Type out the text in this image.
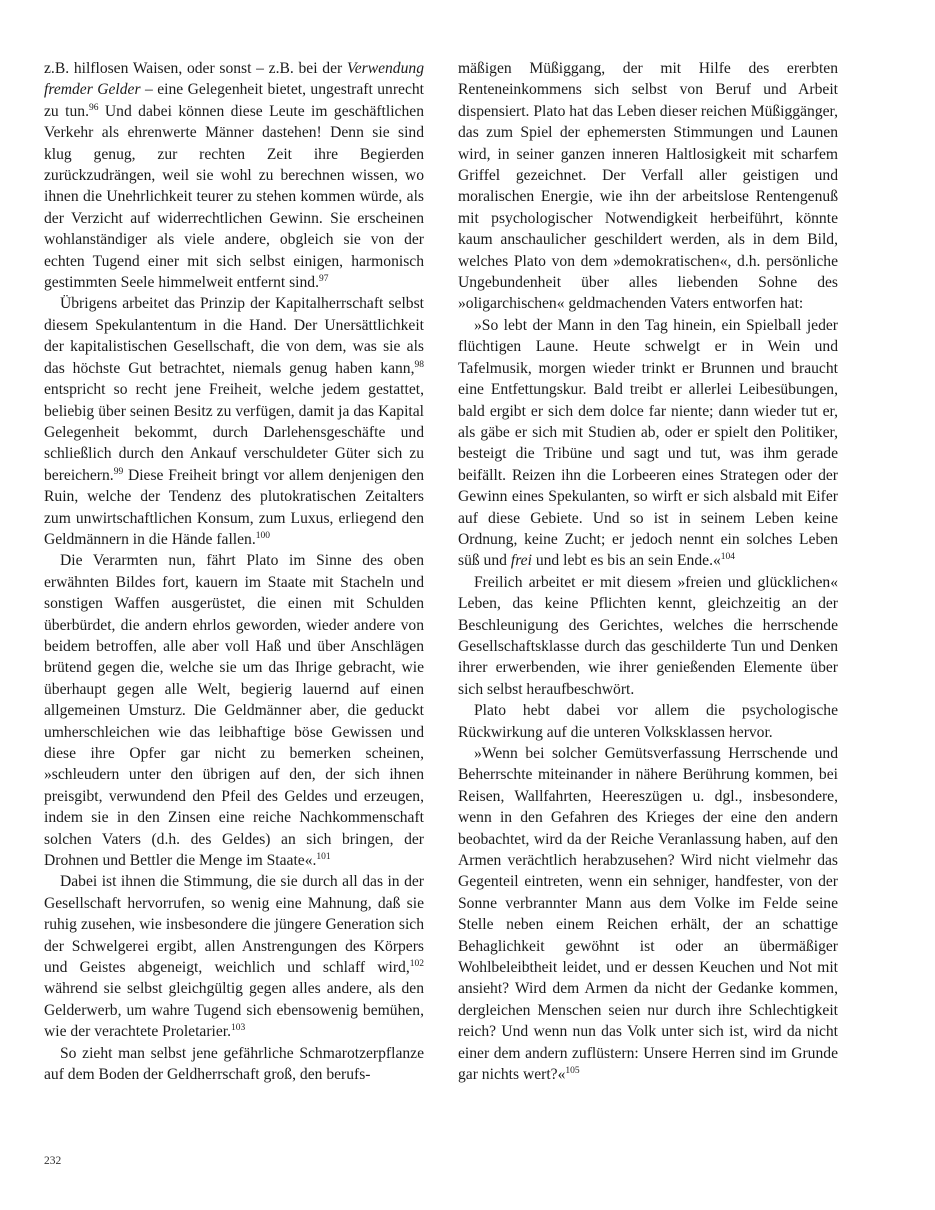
z.B. hilflosen Waisen, oder sonst – z.B. bei der Verwendung fremder Gelder – eine Gelegenheit bietet, ungestraft unrecht zu tun.$^{96}$ Und dabei können diese Leute im geschäftlichen Verkehr als ehrenwerte Männer dastehen! Denn sie sind klug genug, zur rechten Zeit ihre Begierden zurückzudrängen, weil sie wohl zu berechnen wissen, wo ihnen die Unehrlichkeit teurer zu stehen kommen würde, als der Verzicht auf widerrechtlichen Gewinn. Sie erscheinen wohlanständiger als viele andere, obgleich sie von der echten Tugend einer mit sich selbst einigen, harmonisch gestimmten Seele himmelweit entfernt sind.$^{97}$

Übrigens arbeitet das Prinzip der Kapitalherrschaft selbst diesem Spekulantentum in die Hand. Der Unersättlichkeit der kapitalistischen Gesellschaft, die von dem, was sie als das höchste Gut betrachtet, niemals genug haben kann,$^{98}$ entspricht so recht jene Freiheit, welche jedem gestattet, beliebig über seinen Besitz zu verfügen, damit ja das Kapital Gelegenheit bekommt, durch Darlehensgeschäfte und schließlich durch den Ankauf verschuldeter Güter sich zu bereichern.$^{99}$ Diese Freiheit bringt vor allem denjenigen den Ruin, welche der Tendenz des plutokratischen Zeitalters zum unwirtschaftlichen Konsum, zum Luxus, erliegend den Geldmännern in die Hände fallen.$^{100}$

Die Verarmten nun, fährt Plato im Sinne des oben erwähnten Bildes fort, kauern im Staate mit Stacheln und sonstigen Waffen ausgerüstet, die einen mit Schulden überbürdet, die andern ehrlos geworden, wieder andere von beidem betroffen, alle aber voll Haß und über Anschlägen brütend gegen die, welche sie um das Ihrige gebracht, wie überhaupt gegen alle Welt, begierig lauernd auf einen allgemeinen Umsturz. Die Geldmänner aber, die geduckt umherschleichen wie das leibhaftige böse Gewissen und diese ihre Opfer gar nicht zu bemerken scheinen, »schleudern unter den übrigen auf den, der sich ihnen preisgibt, verwundend den Pfeil des Geldes und erzeugen, indem sie in den Zinsen eine reiche Nachkommenschaft solchen Vaters (d.h. des Geldes) an sich bringen, der Drohnen und Bettler die Menge im Staate«.$^{101}$

Dabei ist ihnen die Stimmung, die sie durch all das in der Gesellschaft hervorrufen, so wenig eine Mahnung, daß sie ruhig zusehen, wie insbesondere die jüngere Generation sich der Schwelgerei ergibt, allen Anstrengungen des Körpers und Geistes abgeneigt, weichlich und schlaff wird,$^{102}$ während sie selbst gleichgültig gegen alles andere, als den Gelderwerb, um wahre Tugend sich ebensowenig bemühen, wie der verachtete Proletarier.$^{103}$

So zieht man selbst jene gefährliche Schmarotzerpflanze auf dem Boden der Geldherrschaft groß, den berufs-

mäßigen Müßiggang, der mit Hilfe des ererbten Renteneinkommens sich selbst von Beruf und Arbeit dispensiert. Plato hat das Leben dieser reichen Müßiggänger, das zum Spiel der ephemersten Stimmungen und Launen wird, in seiner ganzen inneren Haltlosigkeit mit scharfem Griffel gezeichnet. Der Verfall aller geistigen und moralischen Energie, wie ihn der arbeitslose Rentengenuß mit psychologischer Notwendigkeit herbeiführt, könnte kaum anschaulicher geschildert werden, als in dem Bild, welches Plato von dem »demokratischen«, d.h. persönliche Ungebundenheit über alles liebenden Sohne des »oligarchischen« geldmachenden Vaters entworfen hat:

»So lebt der Mann in den Tag hinein, ein Spielball jeder flüchtigen Laune. Heute schwelgt er in Wein und Tafelmusik, morgen wieder trinkt er Brunnen und braucht eine Entfettungskur. Bald treibt er allerlei Leibesübungen, bald ergibt er sich dem dolce far niente; dann wieder tut er, als gäbe er sich mit Studien ab, oder er spielt den Politiker, besteigt die Tribüne und sagt und tut, was ihm gerade beifällt. Reizen ihn die Lorbeeren eines Strategen oder der Gewinn eines Spekulanten, so wirft er sich alsbald mit Eifer auf diese Gebiete. Und so ist in seinem Leben keine Ordnung, keine Zucht; er jedoch nennt ein solches Leben süß und frei und lebt es bis an sein Ende.«$^{104}$

Freilich arbeitet er mit diesem »freien und glücklichen« Leben, das keine Pflichten kennt, gleichzeitig an der Beschleunigung des Gerichtes, welches die herrschende Gesellschaftsklasse durch das geschilderte Tun und Denken ihrer erwerbenden, wie ihrer genießenden Elemente über sich selbst heraufbeschwört.

Plato hebt dabei vor allem die psychologische Rückwirkung auf die unteren Volksklassen hervor.

»Wenn bei solcher Gemütsverfassung Herrschende und Beherrschte miteinander in nähere Berührung kommen, bei Reisen, Wallfahrten, Heereszügen u. dgl., insbesondere, wenn in den Gefahren des Krieges der eine den andern beobachtet, wird da der Reiche Veranlassung haben, auf den Armen verächtlich herabzusehen? Wird nicht vielmehr das Gegenteil eintreten, wenn ein sehniger, handfester, von der Sonne verbrannter Mann aus dem Volke im Felde seine Stelle neben einem Reichen erhält, der an schattige Behaglichkeit gewöhnt ist oder an übermäßiger Wohlbeleibtheit leidet, und er dessen Keuchen und Not mit ansieht? Wird dem Armen da nicht der Gedanke kommen, dergleichen Menschen seien nur durch ihre Schlechtigkeit reich? Und wenn nun das Volk unter sich ist, wird da nicht einer dem andern zuflüstern: Unsere Herren sind im Grunde gar nichts wert?«$^{105}$

232
